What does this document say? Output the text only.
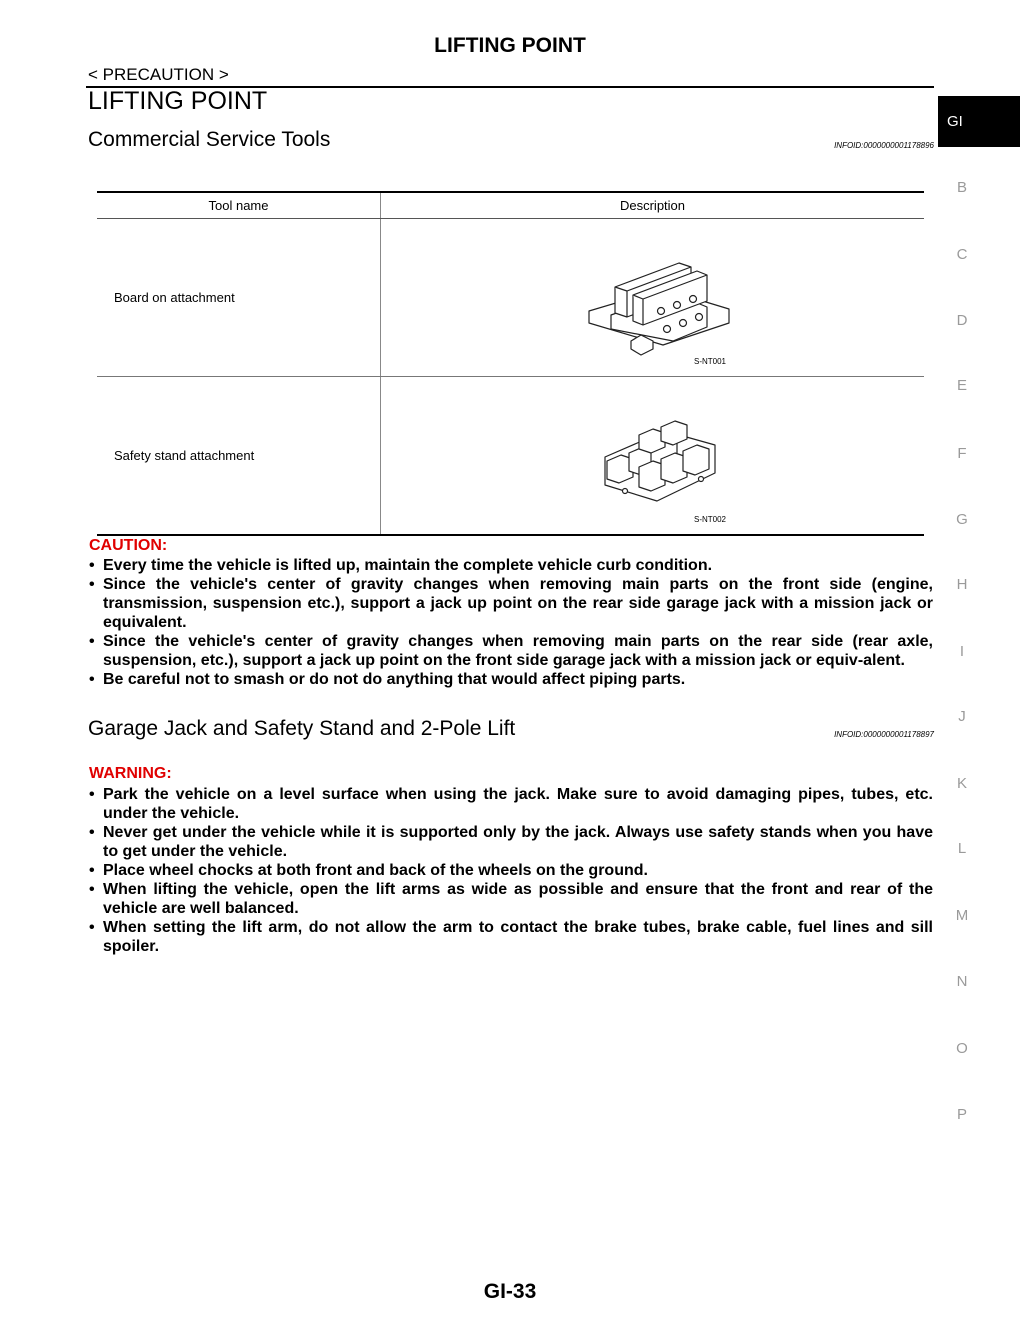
LIFTING POINT
< PRECAUTION >
LIFTING POINT
GI
B
C
D
E
F
G
H
I
J
K
L
M
N
O
P
Commercial Service Tools	INFOID:0000000001178896
Tool name	Description
Board on attachment	S-NT001

Safety stand attachment	S-NT002
CAUTION:
• Every time the vehicle is lifted up, maintain the complete vehicle curb condition.
• Since the vehicle's center of gravity changes when removing main parts on the front side (engine, transmission, suspension etc.), support a jack up point on the rear side garage jack with a mission jack or equivalent.
• Since the vehicle's center of gravity changes when removing main parts on the rear side (rear axle, suspension, etc.), support a jack up point on the front side garage jack with a mission jack or equiv-alent.
• Be careful not to smash or do not do anything that would affect piping parts.
Garage Jack and Safety Stand and 2-Pole Lift	INFOID:0000000001178897
WARNING:
• Park the vehicle on a level surface when using the jack. Make sure to avoid damaging pipes, tubes, etc. under the vehicle.
• Never get under the vehicle while it is supported only by the jack. Always use safety stands when you have to get under the vehicle.
• Place wheel chocks at both front and back of the wheels on the ground.
• When lifting the vehicle, open the lift arms as wide as possible and ensure that the front and rear of the vehicle are well balanced.
• When setting the lift arm, do not allow the arm to contact the brake tubes, brake cable, fuel lines and sill spoiler.
GI-33
